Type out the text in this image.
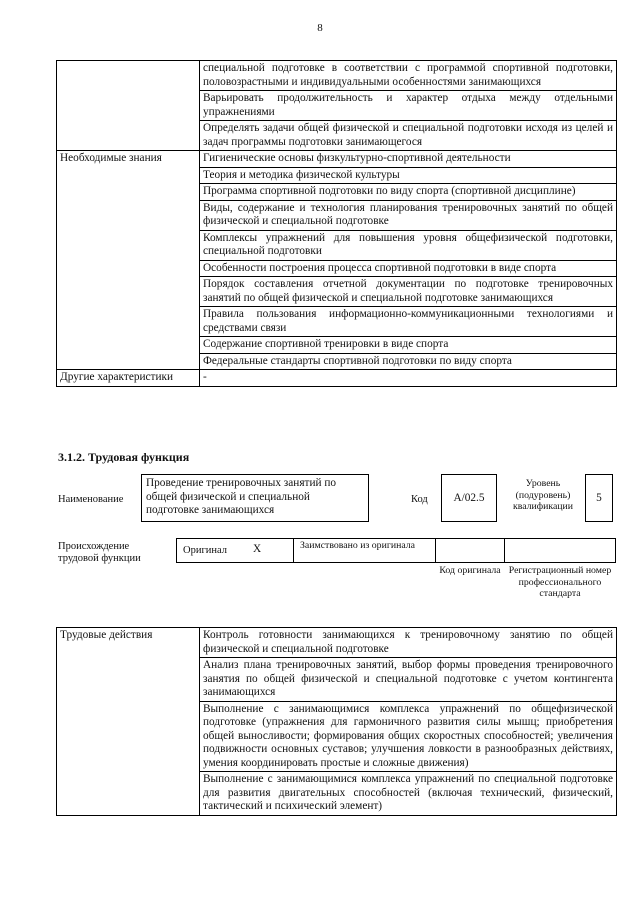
8
	специальной подготовке в соответствии с программой спортивной подготовки, половозрастными и индивидуальными особенностями занимающихся
	Варьировать продолжительность и характер отдыха между отдельными упражнениями
	Определять задачи общей физической и специальной подготовки исходя из целей и задач программы подготовки занимающегося
Необходимые знания	Гигиенические основы физкультурно-спортивной деятельности
	Теория и методика физической культуры
	Программа спортивной подготовки по виду спорта (спортивной дисциплине)
	Виды, содержание и технология планирования тренировочных занятий по общей физической и специальной подготовке
	Комплексы упражнений для повышения уровня общефизической подготовки, специальной подготовки
	Особенности построения процесса спортивной подготовки в виде спорта
	Порядок составления отчетной документации по подготовке тренировочных занятий по общей физической и специальной подготовке занимающихся
	Правила пользования информационно-коммуникационными технологиями и средствами связи
	Содержание спортивной тренировки в виде спорта
	Федеральные стандарты спортивной подготовки по виду спорта
Другие характеристики	-
3.1.2. Трудовая функция
Наименование
Проведение тренировочных занятий по общей физической и специальной подготовке занимающихся
Код	A/02.5
Уровень (подуровень) квалификации
5
Происхождение трудовой функции
Оригинал X	Заимствовано из оригинала
Код оригинала Регистрационный номер профессионального стандарта
Трудовые действия	Контроль готовности занимающихся к тренировочному занятию по общей физической и специальной подготовке
Анализ плана тренировочных занятий, выбор формы проведения тренировочного занятия по общей физической и специальной подготовке с учетом контингента занимающихся
Выполнение с занимающимися комплекса упражнений по общефизической подготовке (упражнения для гармоничного развития силы мышц; приобретения общей выносливости; формирования общих скоростных способностей; увеличения подвижности основных суставов; улучшения ловкости в разнообразных действиях, умения координировать простые и сложные движения)
Выполнение с занимающимися комплекса упражнений по специальной подготовке для развития двигательных способностей (включая технический, физический, тактический и психический элемент)
